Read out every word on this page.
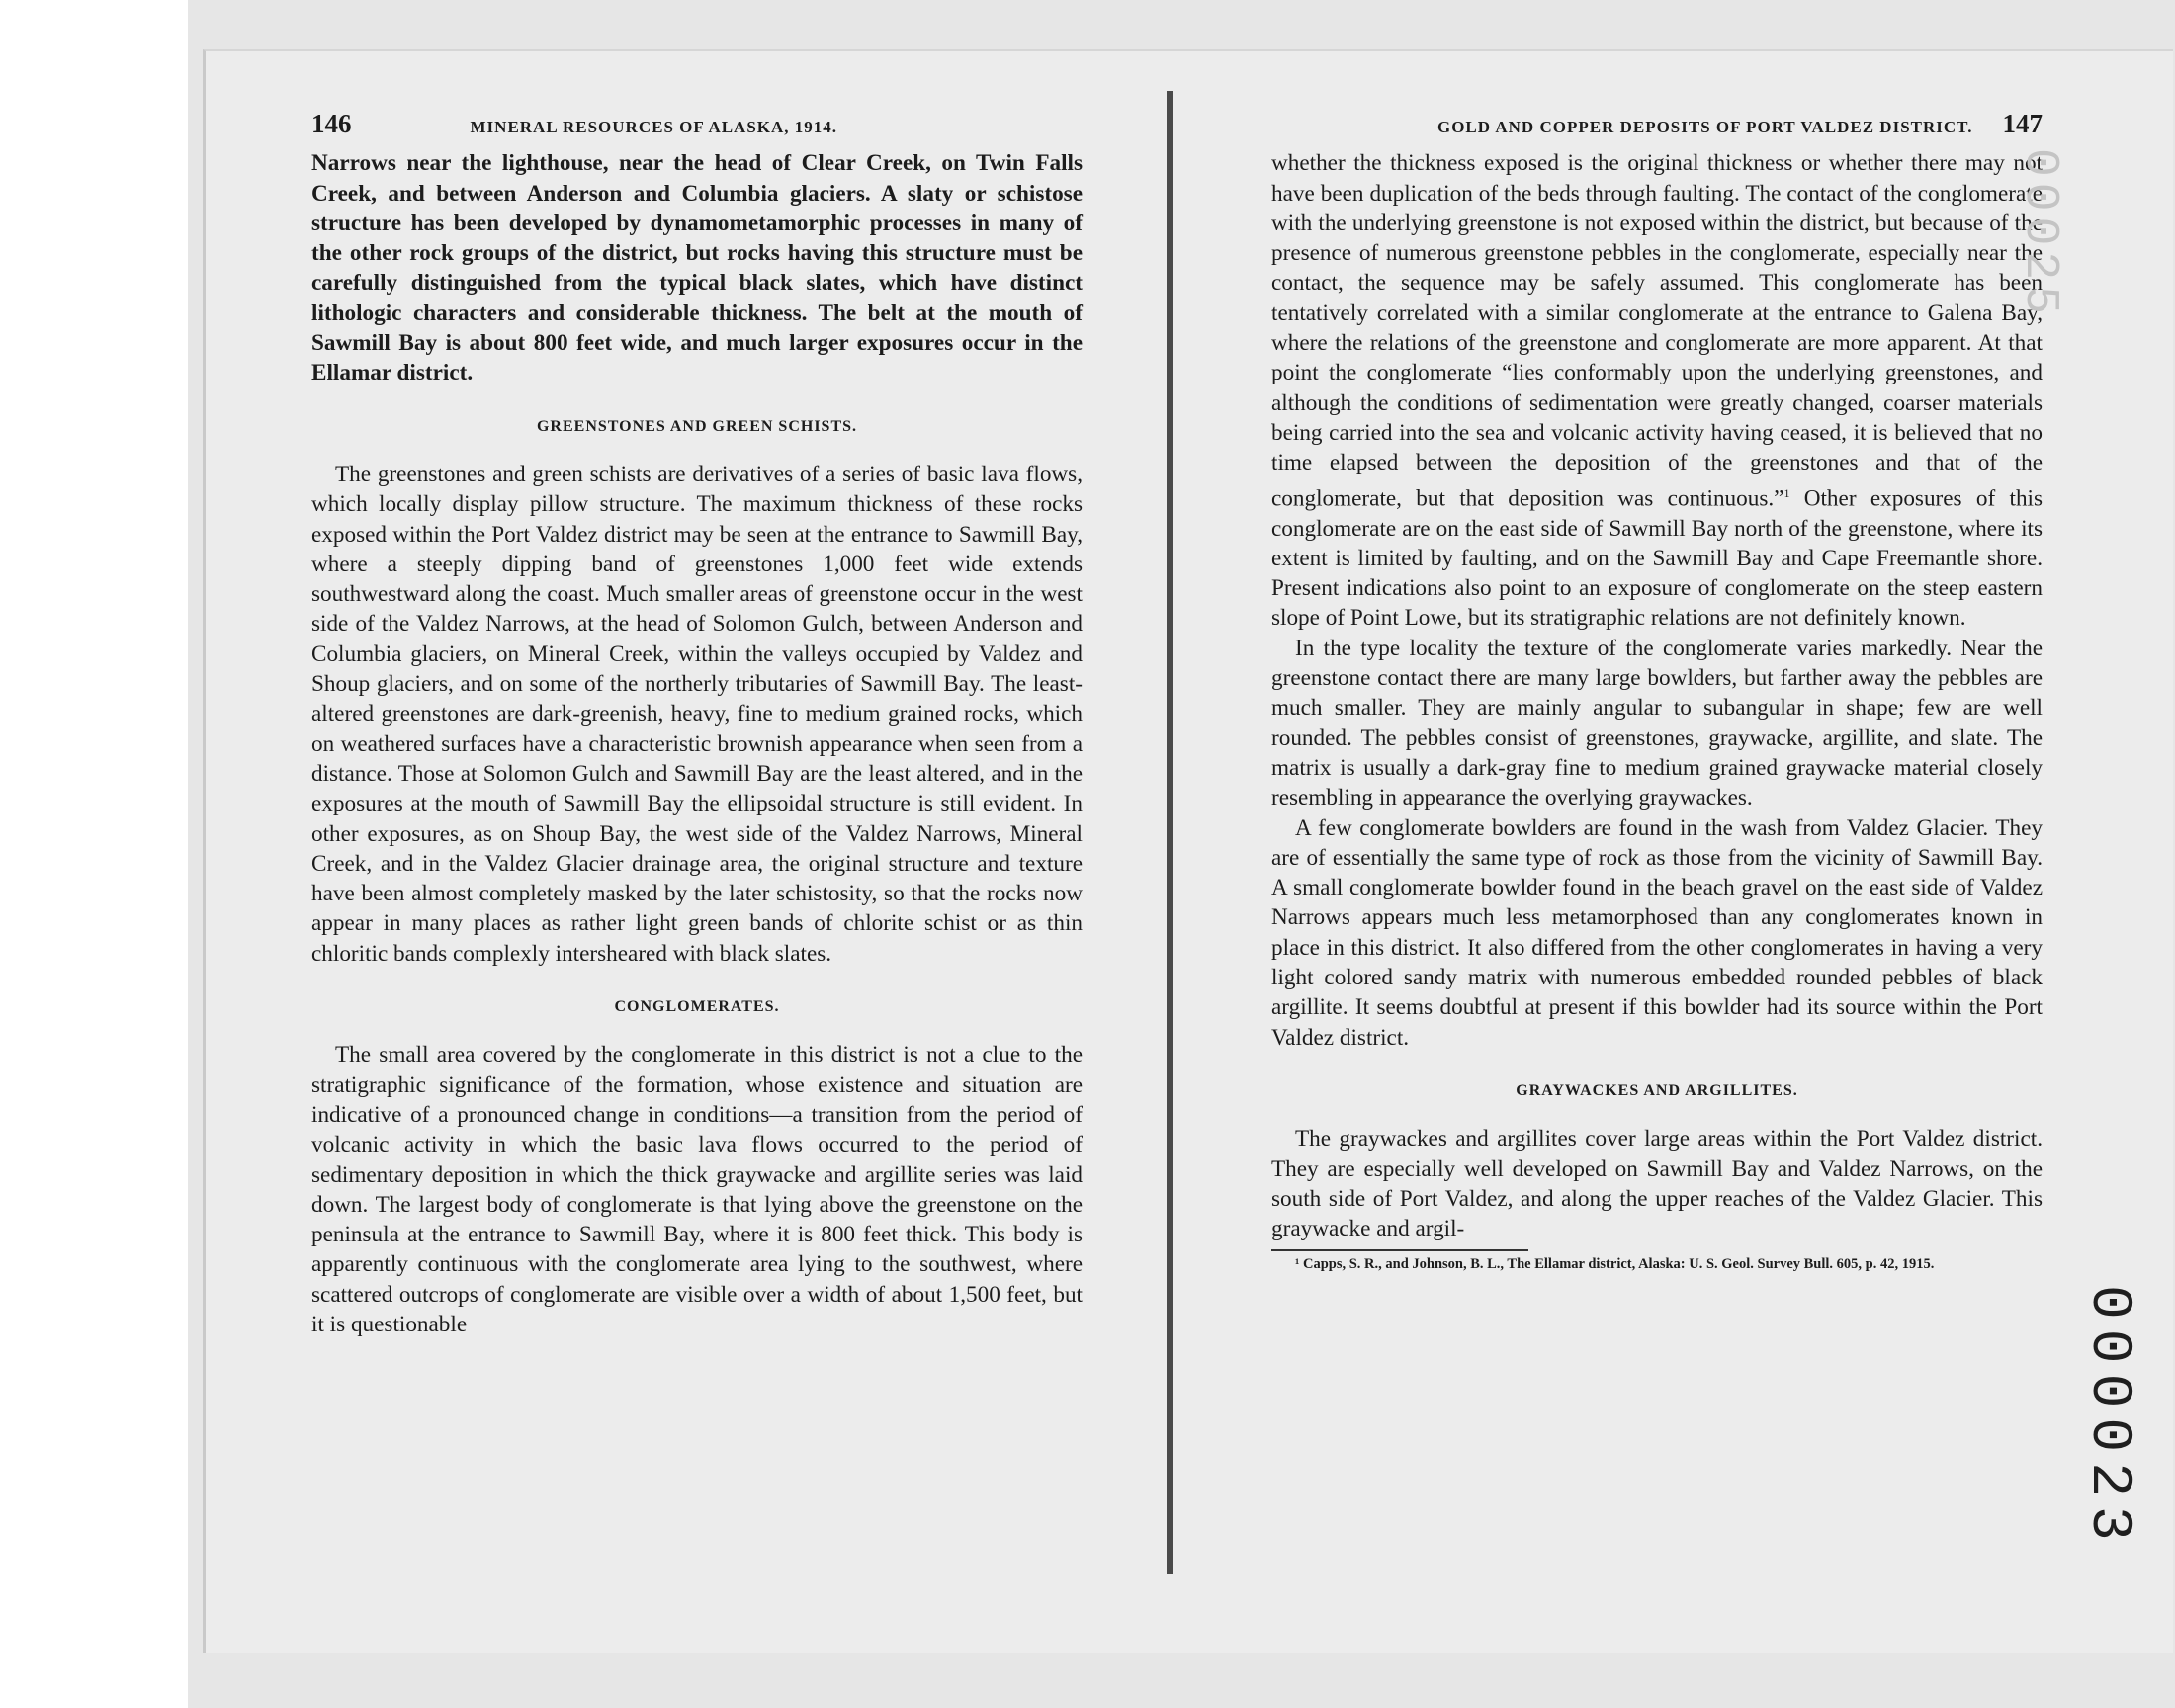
146	MINERAL RESOURCES OF ALASKA, 1914.

Narrows near the lighthouse, near the head of Clear Creek, on Twin Falls Creek, and between Anderson and Columbia glaciers. A slaty or schistose structure has been developed by dynamometamorphic processes in many of the other rock groups of the district, but rocks having this structure must be carefully distinguished from the typical black slates, which have distinct lithologic characters and considerable thickness. The belt at the mouth of Sawmill Bay is about 800 feet wide, and much larger exposures occur in the Ellamar district.

GREENSTONES AND GREEN SCHISTS.

The greenstones and green schists are derivatives of a series of basic lava flows, which locally display pillow structure. The maximum thickness of these rocks exposed within the Port Valdez district may be seen at the entrance to Sawmill Bay, where a steeply dipping band of greenstones 1,000 feet wide extends southwestward along the coast. Much smaller areas of greenstone occur in the west side of the Valdez Narrows, at the head of Solomon Gulch, between Anderson and Columbia glaciers, on Mineral Creek, within the valleys occupied by Valdez and Shoup glaciers, and on some of the northerly tributaries of Sawmill Bay. The least-altered greenstones are dark-greenish, heavy, fine to medium grained rocks, which on weathered surfaces have a characteristic brownish appearance when seen from a distance. Those at Solomon Gulch and Sawmill Bay are the least altered, and in the exposures at the mouth of Sawmill Bay the ellipsoidal structure is still evident. In other exposures, as on Shoup Bay, the west side of the Valdez Narrows, Mineral Creek, and in the Valdez Glacier drainage area, the original structure and texture have been almost completely masked by the later schistosity, so that the rocks now appear in many places as rather light green bands of chlorite schist or as thin chloritic bands complexly intersheared with black slates.

CONGLOMERATES.

The small area covered by the conglomerate in this district is not a clue to the stratigraphic significance of the formation, whose existence and situation are indicative of a pronounced change in conditions—a transition from the period of volcanic activity in which the basic lava flows occurred to the period of sedimentary deposition in which the thick graywacke and argillite series was laid down. The largest body of conglomerate is that lying above the greenstone on the peninsula at the entrance to Sawmill Bay, where it is 800 feet thick. This body is apparently continuous with the conglomerate area lying to the southwest, where scattered outcrops of conglomerate are visible over a width of about 1,500 feet, but it is questionable

GOLD AND COPPER DEPOSITS OF PORT VALDEZ DISTRICT. 147

whether the thickness exposed is the original thickness or whether there may not have been duplication of the beds through faulting. The contact of the conglomerate with the underlying greenstone is not exposed within the district, but because of the presence of numerous greenstone pebbles in the conglomerate, especially near the contact, the sequence may be safely assumed. This conglomerate has been tentatively correlated with a similar conglomerate at the entrance to Galena Bay, where the relations of the greenstone and conglomerate are more apparent. At that point the conglomerate “lies conformably upon the underlying greenstones, and although the conditions of sedimentation were greatly changed, coarser materials being carried into the sea and volcanic activity having ceased, it is believed that no time elapsed between the deposition of the greenstones and that of the conglomerate, but that deposition was continuous.”$^1$ Other exposures of this conglomerate are on the east side of Sawmill Bay north of the greenstone, where its extent is limited by faulting, and on the Sawmill Bay and Cape Freemantle shore. Present indications also point to an exposure of conglomerate on the steep eastern slope of Point Lowe, but its stratigraphic relations are not definitely known.

In the type locality the texture of the conglomerate varies markedly. Near the greenstone contact there are many large bowlders, but farther away the pebbles are much smaller. They are mainly angular to subangular in shape; few are well rounded. The pebbles consist of greenstones, graywacke, argillite, and slate. The matrix is usually a dark-gray fine to medium grained graywacke material closely resembling in appearance the overlying graywackes.

A few conglomerate bowlders are found in the wash from Valdez Glacier. They are of essentially the same type of rock as those from the vicinity of Sawmill Bay. A small conglomerate bowlder found in the beach gravel on the east side of Valdez Narrows appears much less metamorphosed than any conglomerates known in place in this district. It also differed from the other conglomerates in having a very light colored sandy matrix with numerous embedded rounded pebbles of black argillite. It seems doubtful at present if this bowlder had its source within the Port Valdez district.

GRAYWACKES AND ARGILLITES.

The graywackes and argillites cover large areas within the Port Valdez district. They are especially well developed on Sawmill Bay and Valdez Narrows, on the south side of Port Valdez, and along the upper reaches of the Valdez Glacier. This graywacke and argil-

¹ Capps, S. R., and Johnson, B. L., The Ellamar district, Alaska: U. S. Geol. Survey Bull. 605, p. 42, 1915.
00025
000023
